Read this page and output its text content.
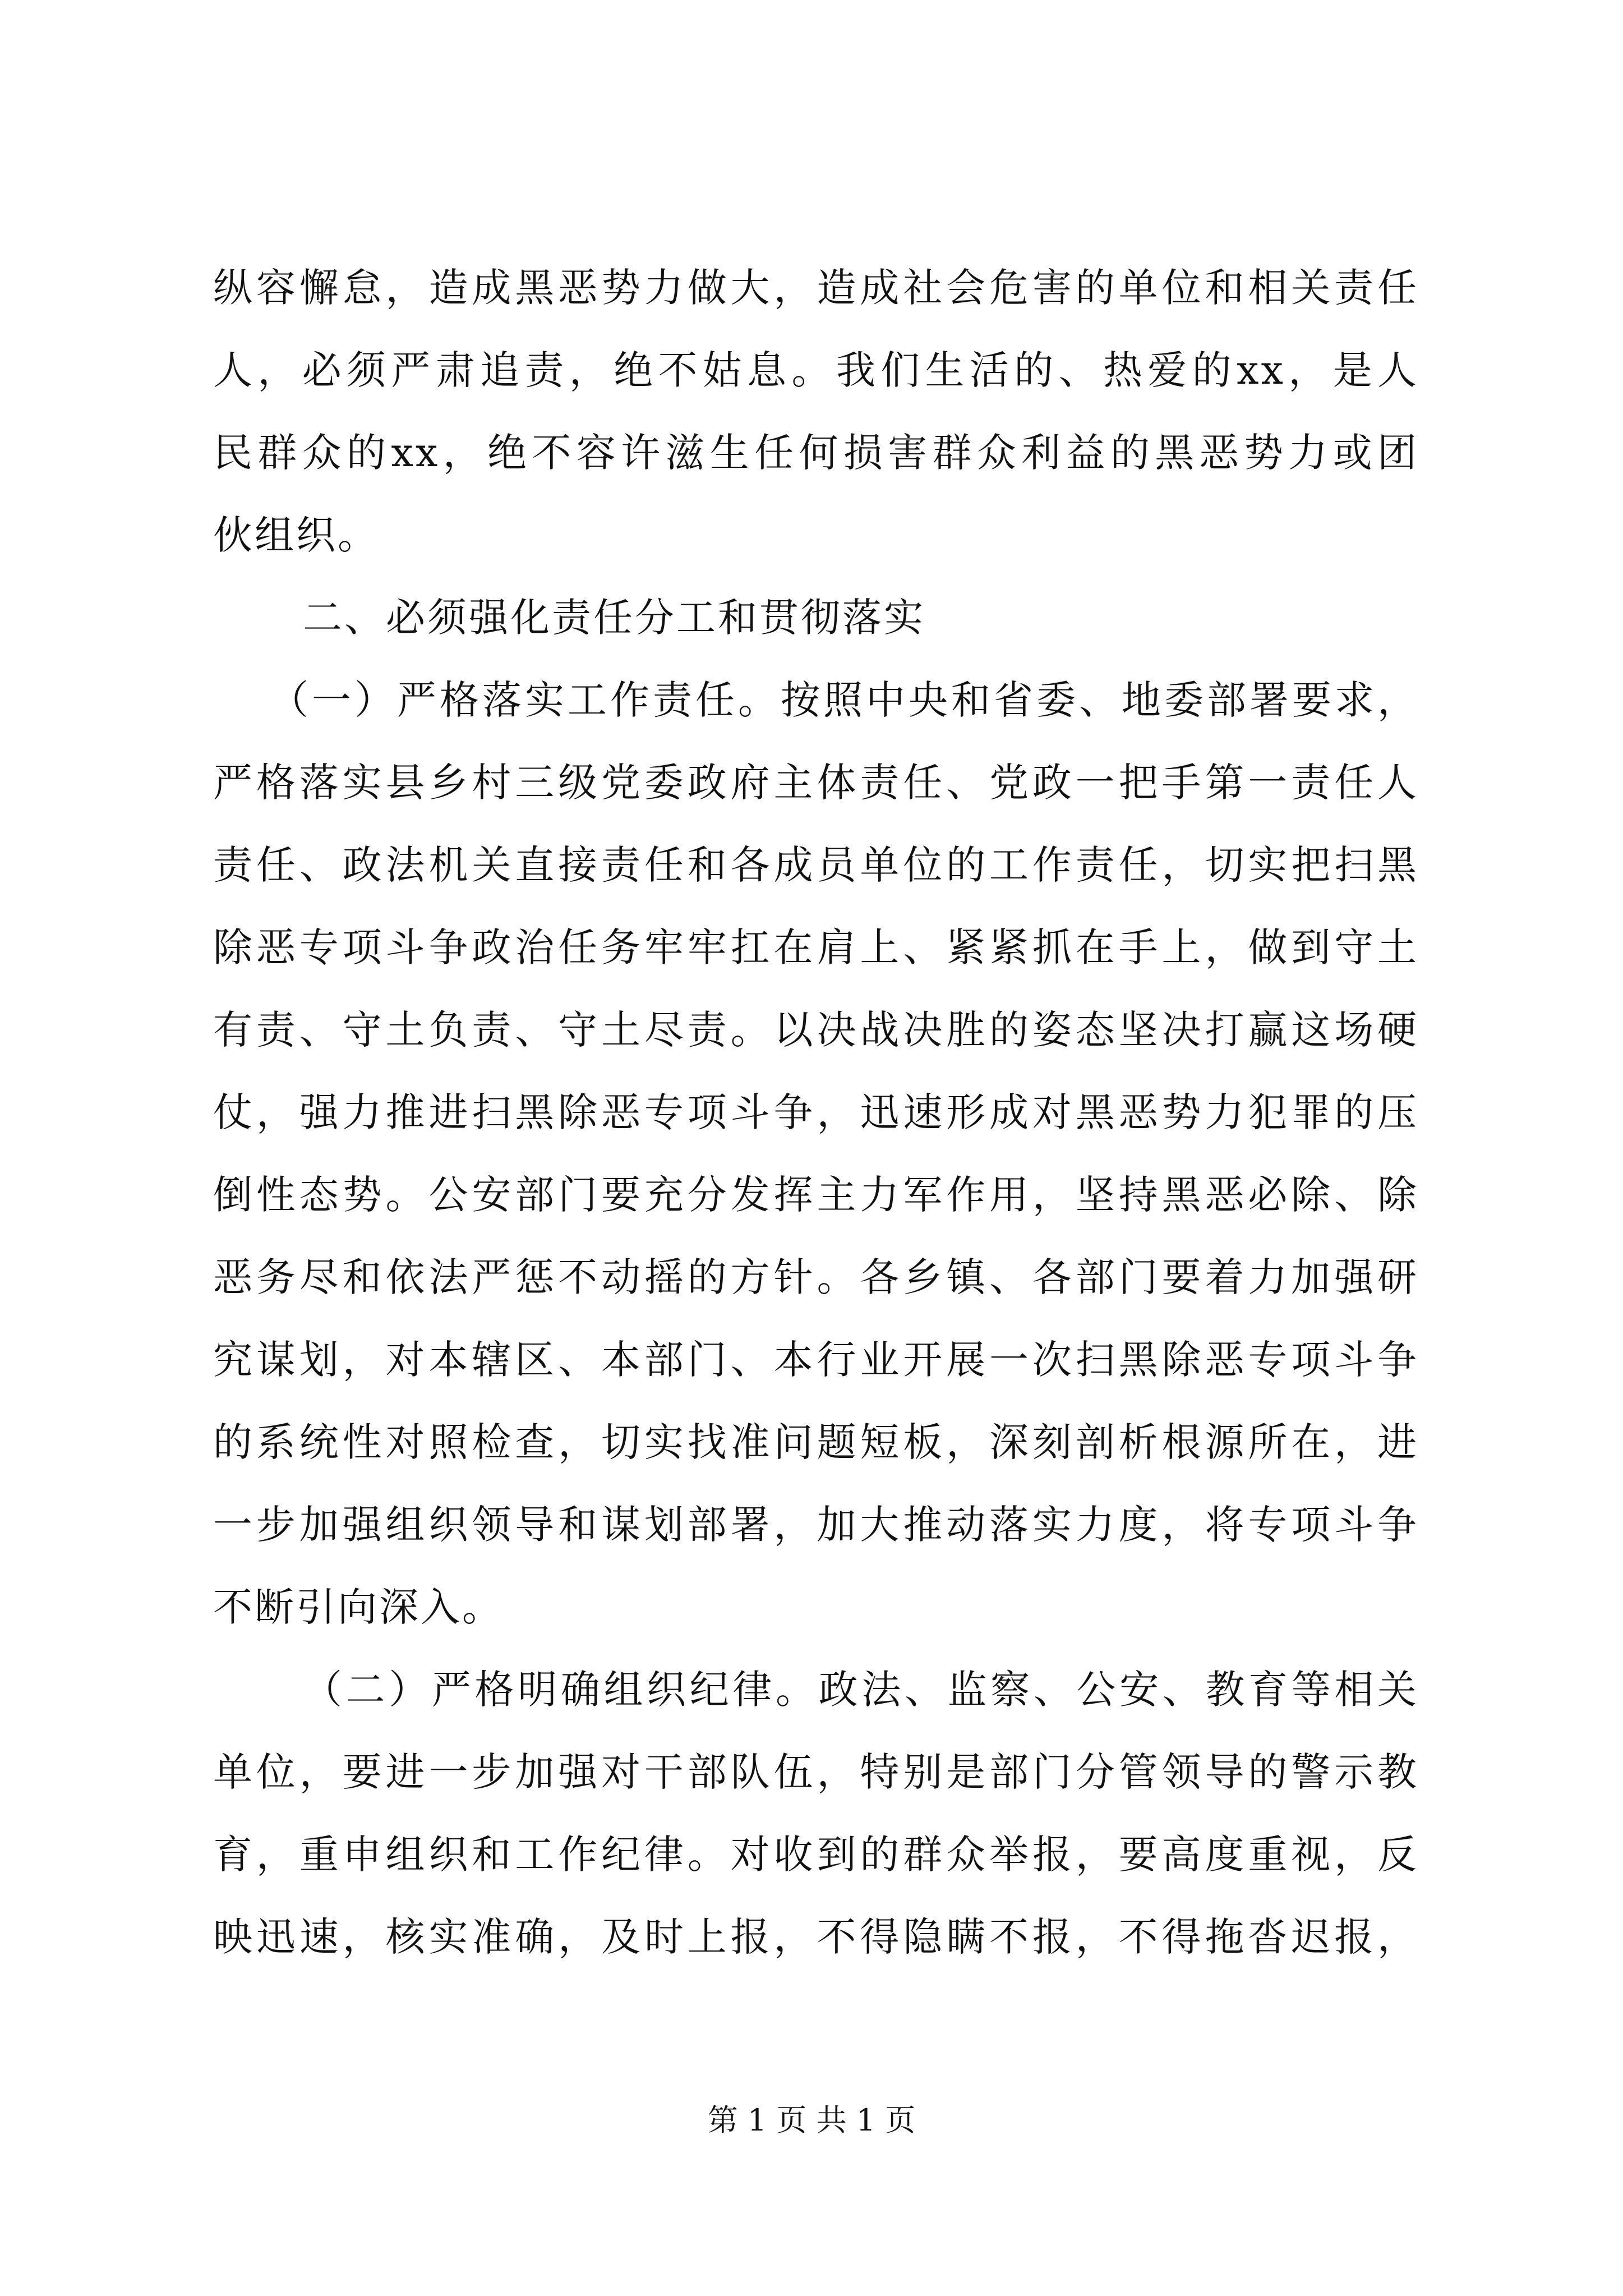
纵容懈怠，造成黑恶势力做大，造成社会危害的单位和相关责任
人，必须严肃追责，绝不姑息。我们生活的、热爱的xx，是人
民群众的xx，绝不容许滋生任何损害群众利益的黑恶势力或团
伙组织。
二、必须强化责任分工和贯彻落实
（一）严格落实工作责任。按照中央和省委、地委部署要求，
严格落实县乡村三级党委政府主体责任、党政一把手第一责任人
责任、政法机关直接责任和各成员单位的工作责任，切实把扫黑
除恶专项斗争政治任务牢牢扛在肩上、紧紧抓在手上，做到守土
有责、守土负责、守土尽责。以决战决胜的姿态坚决打赢这场硬
仗，强力推进扫黑除恶专项斗争，迅速形成对黑恶势力犯罪的压
倒性态势。公安部门要充分发挥主力军作用，坚持黑恶必除、除
恶务尽和依法严惩不动摇的方针。各乡镇、各部门要着力加强研
究谋划，对本辖区、本部门、本行业开展一次扫黑除恶专项斗争
的系统性对照检查，切实找准问题短板，深刻剖析根源所在，进
一步加强组织领导和谋划部署，加大推动落实力度，将专项斗争
不断引向深入。
（二）严格明确组织纪律。政法、监察、公安、教育等相关
单位，要进一步加强对干部队伍，特别是部门分管领导的警示教
育，重申组织和工作纪律。对收到的群众举报，要高度重视，反
映迅速，核实准确，及时上报，不得隐瞒不报，不得拖沓迟报，
第 1 页 共 1 页
